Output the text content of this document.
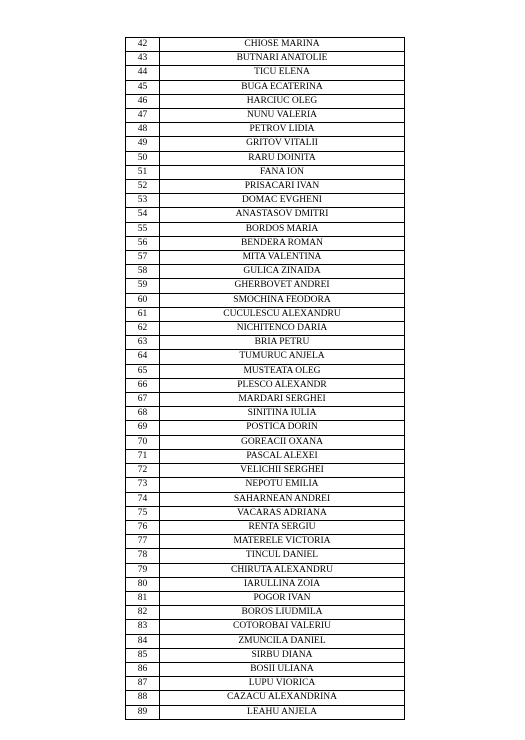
42	CHIOSE MARINA
43	BUTNARI ANATOLIE
44	TICU ELENA
45	BUGA ECATERINA
46	HARCIUC OLEG
47	NUNU VALERIA
48	PETROV LIDIA
49	GRITOV VITALII
50	RARU DOINITA
51	FANA ION
52	PRISACARI IVAN
53	DOMAC EVGHENI
54	ANASTASOV DMITRI
55	BORDOS MARIA
56	BENDERA ROMAN
57	MITA VALENTINA
58	GULICA ZINAIDA
59	GHERBOVET ANDREI
60	SMOCHINA FEODORA
61	CUCULESCU ALEXANDRU
62	NICHITENCO DARIA
63	BRIA PETRU
64	TUMURUC ANJELA
65	MUSTEATA OLEG
66	PLESCO ALEXANDR
67	MARDARI SERGHEI
68	SINITINA IULIA
69	POSTICA DORIN
70	GOREACII OXANA
71	PASCAL ALEXEI
72	VELICHII SERGHEI
73	NEPOTU EMILIA
74	SAHARNEAN ANDREI
75	VACARAS ADRIANA
76	RENTA SERGIU
77	MATERELE VICTORIA
78	TINCUL DANIEL
79	CHIRUTA ALEXANDRU
80	IARULLINA ZOIA
81	POGOR IVAN
82	BOROS LIUDMILA
83	COTOROBAI VALERIU
84	ZMUNCILA DANIEL
85	SIRBU DIANA
86	BOSII ULIANA
87	LUPU VIORICA
88	CAZACU ALEXANDRINA
89	LEAHU ANJELA
